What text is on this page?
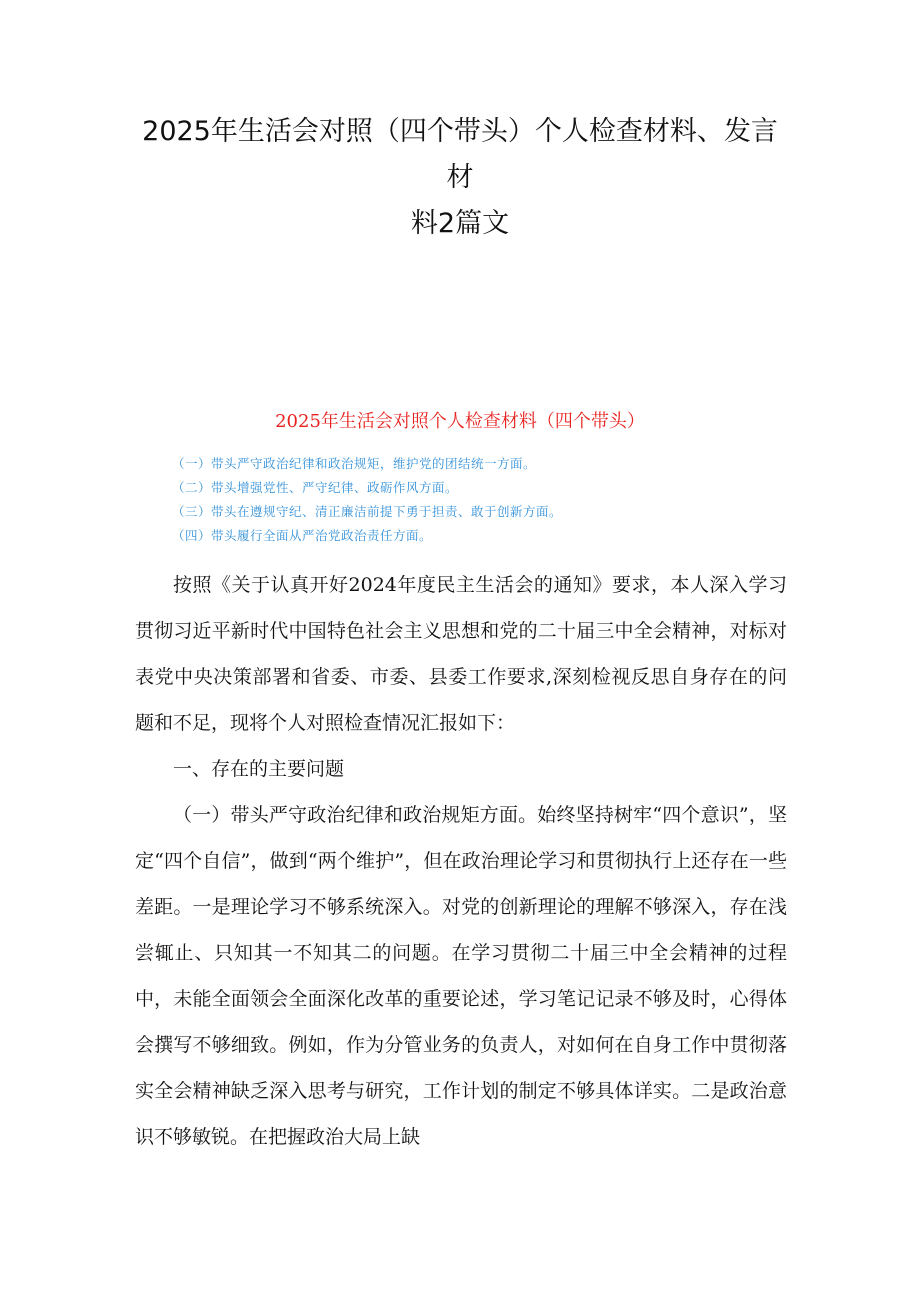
2025年生活会对照（四个带头）个人检查材料、发言
材
料2篇文
2025年生活会对照个人检查材料（四个带头）
（一）带头严守政治纪律和政治规矩，维护党的团结统一方面。
（二）带头增强党性、严守纪律、政砺作风方面。
（三）带头在遵规守纪、清正廉洁前提下勇于担责、敢于创新方面。
（四）带头履行全面从严治党政治责任方面。

按照《关于认真开好2024年度民主生活会的通知》要求，本人深入学习贯彻习近平新时代中国特色社会主义思想和党的二十届三中全会精神，对标对表党中央决策部署和省委、市委、县委工作要求,深刻检视反思自身存在的问题和不足，现将个人对照检查情况汇报如下：

一、存在的主要问题

（一）带头严守政治纪律和政治规矩方面。始终坚持树牢“四个意识”，坚定“四个自信”，做到“两个维护”，但在政治理论学习和贯彻执行上还存在一些差距。一是理论学习不够系统深入。对党的创新理论的理解不够深入，存在浅尝辄止、只知其一不知其二的问题。在学习贯彻二十届三中全会精神的过程中，未能全面领会全面深化改革的重要论述，学习笔记记录不够及时，心得体会撰写不够细致。例如，作为分管业务的负责人，对如何在自身工作中贯彻落实全会精神缺乏深入思考与研究，工作计划的制定不够具体详实。二是政治意识不够敏锐。在把握政治大局上缺
